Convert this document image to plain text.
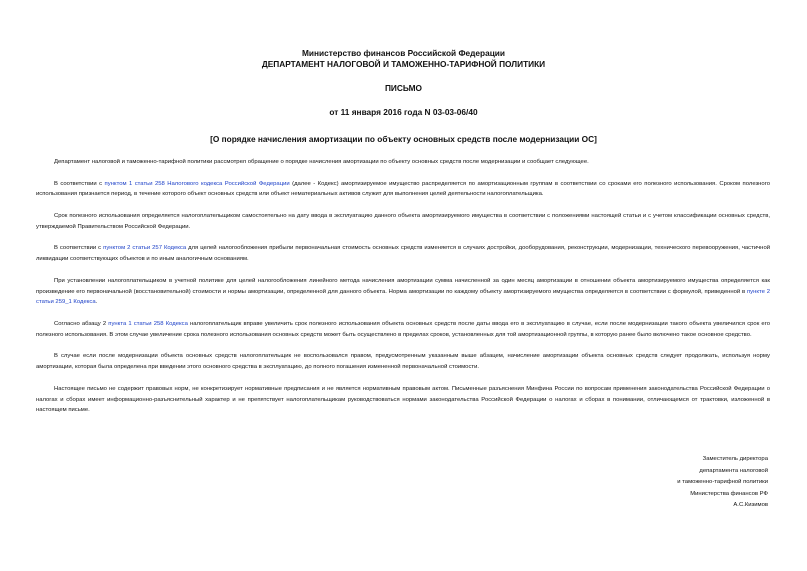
Министерство финансов Российской Федерации
ДЕПАРТАМЕНТ НАЛОГОВОЙ И ТАМОЖЕННО-ТАРИФНОЙ ПОЛИТИКИ
ПИСЬМО
от 11 января 2016 года N 03-03-06/40
[О порядке начисления амортизации по объекту основных средств после модернизации ОС]

Департамент налоговой и таможенно-тарифной политики рассмотрел обращение о порядке начисления амортизации по объекту основных средств после модернизации и сообщает следующее.

В соответствии с пунктом 1 статьи 258 Налогового кодекса Российской Федерации (далее - Кодекс) амортизируемое имущество распределяется по амортизационным группам в соответствии со сроками его полезного использования. Сроком полезного использования признается период, в течение которого объект основных средств или объект нематериальных активов служит для выполнения целей деятельности налогоплательщика.

Срок полезного использования определяется налогоплательщиком самостоятельно на дату ввода в эксплуатацию данного объекта амортизируемого имущества в соответствии с положениями настоящей статьи и с учетом классификации основных средств, утверждаемой Правительством Российской Федерации.

В соответствии с пунктом 2 статьи 257 Кодекса для целей налогообложения прибыли первоначальная стоимость основных средств изменяется в случаях достройки, дооборудования, реконструкции, модернизации, технического перевооружения, частичной ликвидации соответствующих объектов и по иным аналогичным основаниям.

При установлении налогоплательщиком в учетной политике для целей налогообложения линейного метода начисления амортизации сумма начисленной за один месяц амортизации в отношении объекта амортизируемого имущества определяется как произведение его первоначальной (восстановительной) стоимости и нормы амортизации, определенной для данного объекта. Норма амортизации по каждому объекту амортизируемого имущества определяется в соответствии с формулой, приведенной в пункте 2 статьи 259_1 Кодекса.

Согласно абзацу 2 пункта 1 статьи 258 Кодекса налогоплательщик вправе увеличить срок полезного использования объекта основных средств после даты ввода его в эксплуатацию в случае, если после модернизации такого объекта увеличился срок его полезного использования. В этом случае увеличение срока полезного использования основных средств может быть осуществлено в пределах сроков, установленных для той амортизационной группы, в которую ранее было включено такое основное средство.

В случае если после модернизации объекта основных средств налогоплательщик не воспользовался правом, предусмотренным указанным выше абзацем, начисление амортизации объекта основных средств следует продолжать, используя норму амортизации, которая была определена при введении этого основного средства в эксплуатацию, до полного погашения измененной первоначальной стоимости.

Настоящее письмо не содержит правовых норм, не конкретизирует нормативные предписания и не является нормативным правовым актом. Письменные разъяснения Минфина России по вопросам применения законодательства Российской Федерации о налогах и сборах имеет информационно-разъяснительный характер и не препятствует налогоплательщикам руководствоваться нормами законодательства Российской Федерации о налогах и сборах в понимании, отличающемся от трактовки, изложенной в настоящем письме.

Заместитель директора
департамента налоговой
и таможенно-тарифной политики
Министерства финансов РФ
А.С.Кизимов
